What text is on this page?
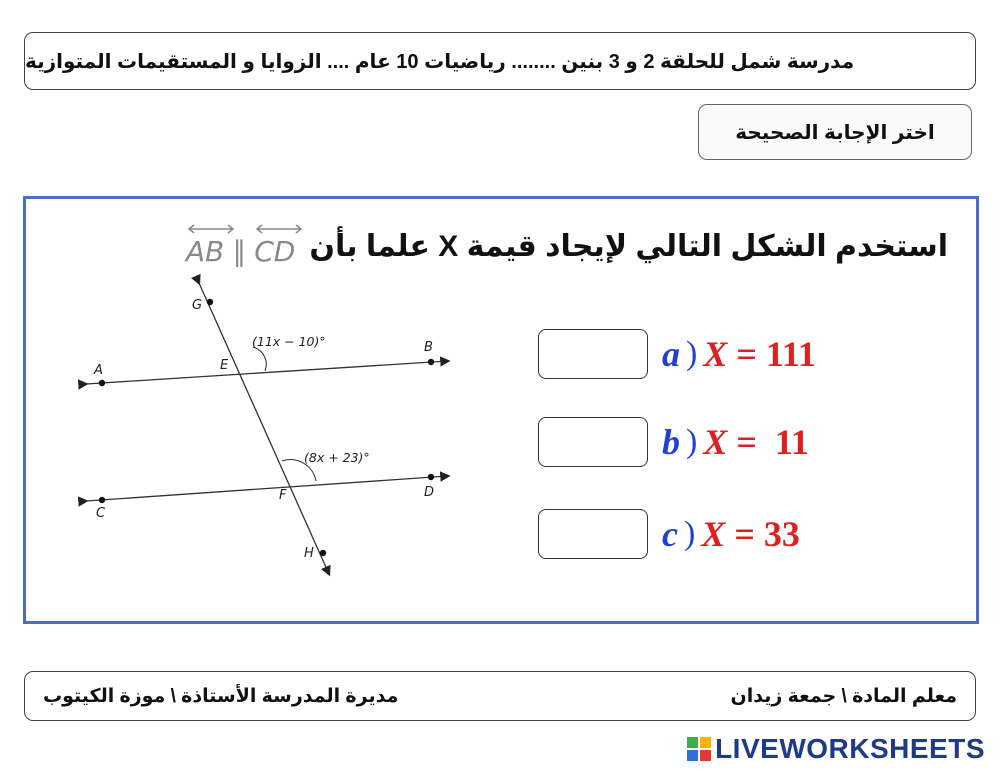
مدرسة شمل للحلقة 2 و 3 بنين ........ رياضيات 10 عام .... الزوايا و المستقيمات المتوازية
اختر الإجابة الصحيحة
AB ∥ CD استخدم الشكل التالي لإيجاد قيمة X علما بأن
G
E
A
B
C
D
F
H
(11x − 10)°
(8x + 23)°
a ) X = 111
b ) X =  11
c ) X = 33
معلم المادة \ جمعة زيدان
مديرة المدرسة الأستاذة \ موزة الكيتوب
LIVEWORKSHEETS
